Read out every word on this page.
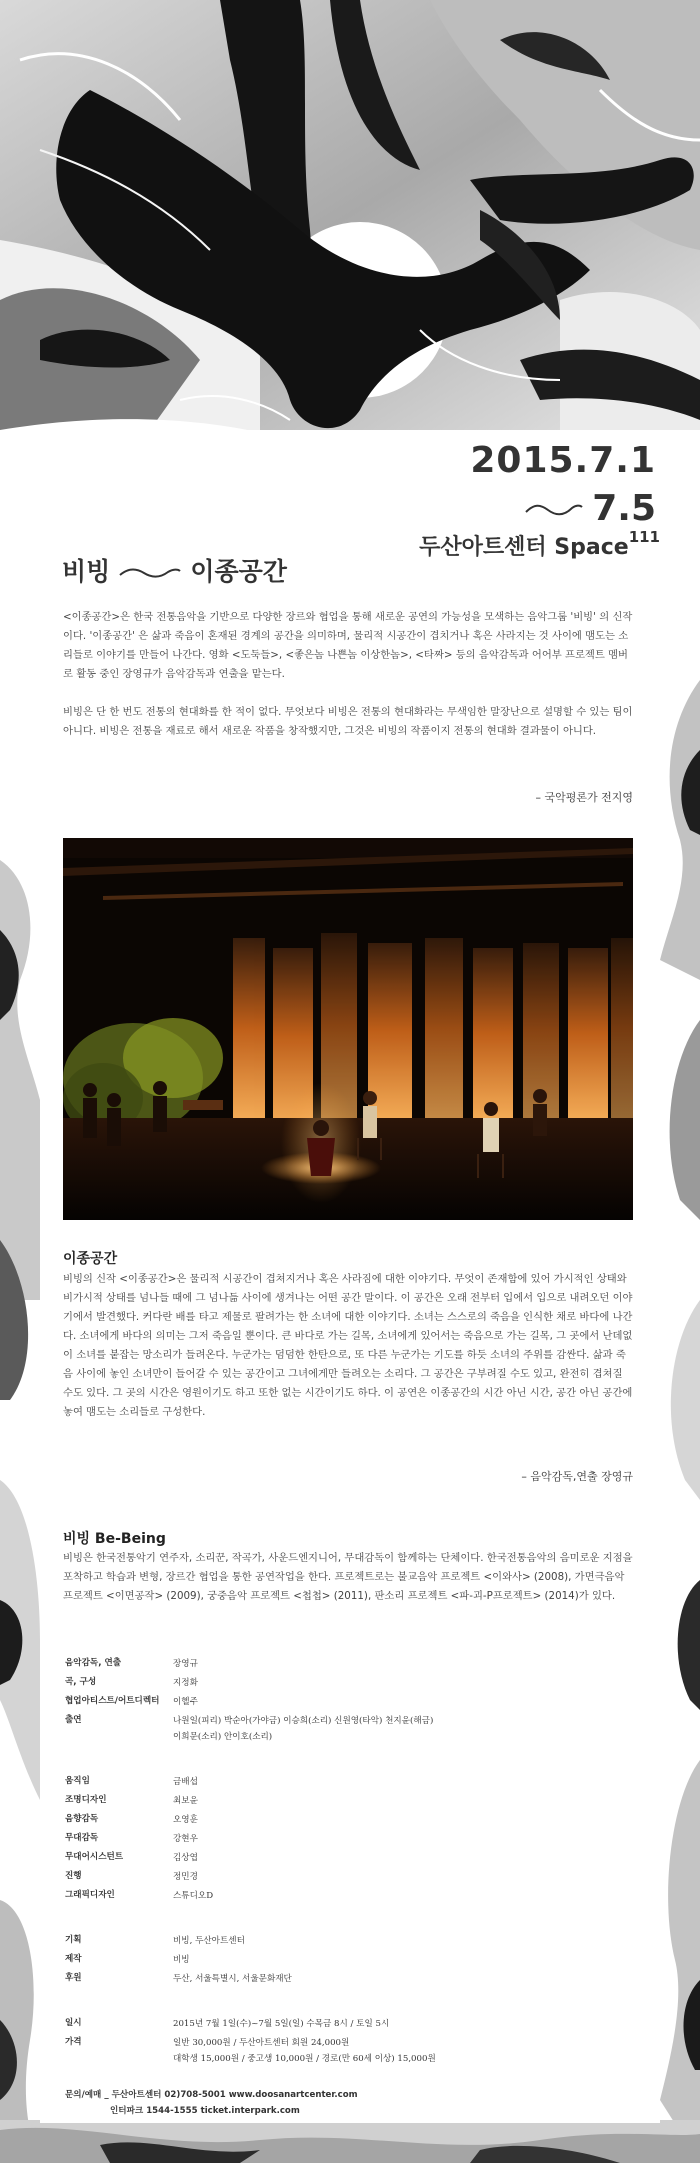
2015.7.1
7.5
두산아트센터 Space$^{111}$
비빙	이종공간

<이종공간>은 한국 전통음악을 기반으로 다양한 장르와 협업을 통해 새로운 공연의 가능성을 모색하는 음악그룹 '비빙' 의 신작이다. '이종공간' 은 삶과 죽음이 혼재된 경계의 공간을 의미하며, 물리적 시공간이 겹치거나 혹은 사라지는 것 사이에 맴도는 소리들로 이야기를 만들어 나간다. 영화 <도둑들>, <좋은놈 나쁜놈 이상한놈>, <타짜> 등의 음악감독과 어어부 프로젝트 멤버로 활동 중인 장영규가 음악감독과 연출을 맡는다.

비빙은 단 한 번도 전통의 현대화를 한 적이 없다. 무엇보다 비빙은 전통의 현대화라는 무색임한 말장난으로 설명할 수 있는 팀이 아니다. 비빙은 전통을 재료로 해서 새로운 작품을 창작했지만, 그것은 비빙의 작품이지 전통의 현대화 결과물이 아니다.

– 국악평론가 전지영
이종공간

비빙의 신작 <이종공간>은 물리적 시공간이 겹쳐지거나 혹은 사라짐에 대한 이야기다. 무엇이 존재함에 있어 가시적인 상태와 비가시적 상태를 넘나들 때에 그 넘나듦 사이에 생겨나는 어떤 공간 말이다. 이 공간은 오래 전부터 입에서 입으로 내려오던 이야기에서 발견했다. 커다란 배를 타고 제물로 팔려가는 한 소녀에 대한 이야기다. 소녀는 스스로의 죽음을 인식한 채로 바다에 나간다. 소녀에게 바다의 의미는 그저 죽음일 뿐이다. 큰 바다로 가는 길목, 소녀에게 있어서는 죽음으로 가는 길목, 그 곳에서 난데없이 소녀를 붙잡는 망소리가 들려온다. 누군가는 덤덤한 한탄으로, 또 다른 누군가는 기도를 하듯 소녀의 주위를 감싼다. 삶과 죽음 사이에 놓인 소녀만이 들어갈 수 있는 공간이고 그녀에게만 들려오는 소리다. 그 공간은 구부려질 수도 있고, 완전히 겹쳐질 수도 있다. 그 곳의 시간은 영원이기도 하고 또한 없는 시간이기도 하다. 이 공연은 이종공간의 시간 아닌 시간, 공간 아닌 공간에 놓여 맴도는 소리들로 구성한다.

– 음악감독,연출 장영규
비빙 Be-Being

비빙은 한국전통악기 연주자, 소리꾼, 작곡가, 사운드엔지니어, 무대감독이 함께하는 단체이다. 한국전통음악의 음미로운 지점을 포착하고 학습과 변형, 장르간 협업을 통한 공연작업을 한다. 프로젝트로는 불교음악 프로젝트 <이와사> (2008), 가면극음악 프로젝트 <이면공작> (2009), 궁중음악 프로젝트 <첩첩> (2011), 판소리 프로젝트 <파-괴-P프로젝트> (2014)가 있다.

음악감독, 연출	장영규
곡, 구성	지정화
협업아티스트/어트디렉터	이헬주
출연	나원일(피리) 박순아(가야금) 이승희(소리) 신원영(타악) 천지윤(해금)
이희문(소리) 안이호(소리)
움직임	금배섭
조명디자인	최보윤
음향감독	오영훈
무대감독	강현우
무대어시스턴트	김상엽
진행	정민경
그래픽디자인	스튜디오D
기획	비빙, 두산아트센터
제작	비빙
후원	두산, 서울특별시, 서울문화재단
일시	2015년 7월 1일(수)~7월 5일(일) 수목금 8시 / 토일 5시
가격	일반 30,000원 / 두산아트센터 회원 24,000원
대학생 15,000원 / 중고생 10,000원 / 경로(만 60세 이상) 15,000원
문의/예매 _ 두산아트센터 02)708-5001 www.doosanartcenter.com
인터파크 1544-1555 ticket.interpark.com
